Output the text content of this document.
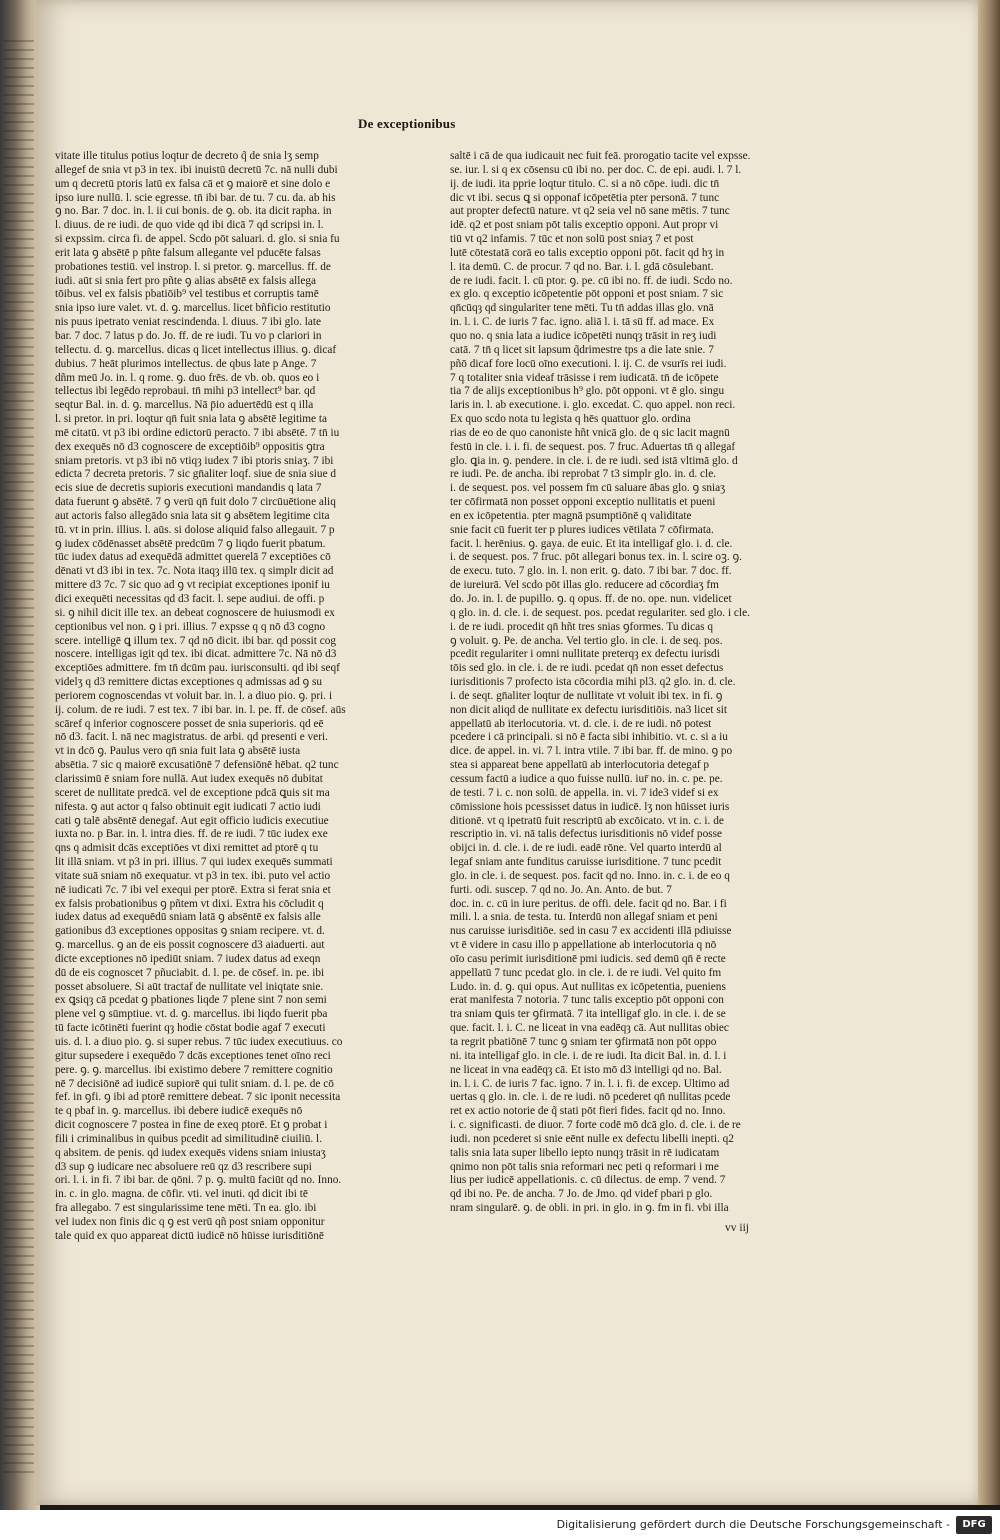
De exceptionibus
vitate ille titulus potius loqtur de decreto q̃ de snia lʒ semp
allegef de snia vt p3 in tex. ibi inuistū decretū 7c. nā nulli dubi
um q decretū ptoris latū ex falsa cā et ꝯ maiorē et sine dolo e
ipso iure nullū. l. scie egresse. tn̄ ibi bar. de tu. 7 cu. da. ab his
ꝯ no. Bar. 7 doc. in. l. ii cui bonis. de ꝯ. ob. ita dicit rapha. in
l. diuus. de re iudi. de quo vide qd ibi dicā 7 qd scripsi in. l.
si expssim. circa fi. de appel. Scd̄o pōt saluari. d. glo. si snia fu
erit lata ꝯ absētē p pñte falsum allegante vel pducēte falsas
probationes testiū. vel instrop. l. si pretor. ꝯ. marcellus. ff. de
iudi. aūt si snia fert pro pñte ꝯ alias absētē ex falsis allega
tōibus. vel ex falsis pbatiōib⁹ vel testibus et corruptis tamē
snia ipso iure valet. vt. d. ꝯ. marcellus. licet bñficio restitutio
nis puus ipetrato veniat rescindenda. l. diuus. 7 ibi glo. late
bar. 7 doc. 7 latus p do. Jo. ff. de re iudi. Tu vo p clariori in
tellectu. d. ꝯ. marcellus. dicas q licet intellectus illius. ꝯ. dicaf
dubius. 7 heāt plurimos intellectus. de qbus late p Ange. 7
dñm meū Jo. in. l. q rome. ꝯ. duo frēs. de vb. ob. quos eo i
tellectus ibi legēdo reprobaui. tn̄ mihi p3 intellect⁹ bar. qd
seqtur Bal. in. d. ꝯ. marcellus. Nā p̄io aduertēdū est q illa
l. si pretor. in pri. loqtur qn̄ fuit snia lata ꝯ absētē legitime ta
mē citatū. vt p3 ibi ordine edictorū peracto. 7 ibi absētē. 7 tn̄ iu
dex exequēs nō d3 cognoscere de exceptiōib⁹ oppositis ꝯtra
sniam pretoris. vt p3 ibi nō vtiqȝ iudex 7 ibi ptoris sniaʒ. 7 ibi
edicta 7 decreta pretoris. 7 sic gn̄aliter loqf. siue de snia siue d
ecis siue de decretis supioris executioni mandandis q lata 7
data fuerunt ꝯ absētē. 7 ꝯ verū qn̄ fuit dolo 7 circūuētione aliq
aut actoris falso allegādo snia lata sit ꝯ absētem legitime cita
tū. vt in prin. illius. l. aūs. si dolose aliquid falso allegauit. 7 p
ꝯ iudex cōdēnasset absētē predcūm 7 ꝯ liqdo fuerit pbatum.
tūc iudex datus ad exequēdā admittet querelā 7 exceptiōes cō
dēnati vt d3 ibi in tex. 7c. Nota itaqȝ illū tex. q simplr dicit ad
mittere d3 7c. 7 sic quo ad ꝯ vt recipiat exceptiones iponif iu
dici exequēti necessitas qd d3 facit. l. sepe audiui. de offi. p
si. ꝯ nihil dicit ille tex. an debeat cognoscere de huiusmodi ex
ceptionibus vel non. ꝯ i pri. illius. 7 expsse q q nō d3 cogno
scere. intelligē ꝗ illum tex. 7 qd nō dicit. ibi bar. qd possit cog
noscere. intelligas igit qd tex. ibi dicat. admittere 7c. Nā nō d3
exceptiōes admittere. fm tn̄ dcūm pau. iurisconsulti. qd ibi seqf
videlʒ q d3 remittere dictas exceptiones q admissas ad ꝯ su
periorem cognoscendas vt voluit bar. in. l. a diuo pio. ꝯ. pri. i
ij. colum. de re iudi. 7 est tex. 7 ibi bar. in. l. pe. ff. de cōsef. aūs
scāref q inferior cognoscere posset de snia superioris. qd eē
nō d3. facit. l. nā nec magistratus. de arbi. qd presenti e veri.
vt in dcō ꝯ. Paulus vero qn̄ snia fuit lata ꝯ absētē iusta
absētia. 7 sic q maiorē excusatiōnē 7 defensiōnē hēbat. q2 tunc
clarissimū ē sniam fore nullā. Aut iudex exequēs nō dubitat
sceret de nullitate predcā. vel de exceptione pdcā ꝗuis sit ma
nifesta. ꝯ aut actor q falso obtinuit egit iudicati 7 actio iudi
cati ꝯ talē absēntē denegaf. Aut egit officio iudicis executiue
iuxta no. p Bar. in. l. intra dies. ff. de re iudi. 7 tūc iudex exe
qns q admisit dcās exceptiōes vt dixi remittet ad ptorē q tu
lit illā sniam. vt p3 in pri. illius. 7 qui iudex exequēs summati
vitate suā sniam nō exequatur. vt p3 in tex. ibi. puto vel actio
nē iudicati 7c. 7 ibi vel exequi per ptorē. Extra si ferat snia et
ex falsis probationibus ꝯ pñtem vt dixi. Extra his cōcludit q
iudex datus ad exequēdū sniam latā ꝯ absēntē ex falsis alle
gationibus d3 exceptiones oppositas ꝯ sniam recipere. vt. d.
ꝯ. marcellus. ꝯ an de eis possit cognoscere d3 aiaduerti. aut
dicte exceptiones nō ipediūt sniam. 7 iudex datus ad exeqn
dū de eis cognoscet 7 pñuciabit. d. l. pe. de cōsef. in. pe. ibi
posset absoluere. Si aūt tractaf de nullitate vel iniqtate snie.
ex ꝗsiqȝ cā pcedat ꝯ pbationes liqde 7 plene sint 7 non semi
plene vel ꝯ sūmptiue. vt. d. ꝯ. marcellus. ibi liqdo fuerit pba
tū facte icōtinēti fuerint qȝ hodie cōstat bodie agaf 7 executi
uis. d. l. a diuo pio. ꝯ. si super rebus. 7 tūc iudex executiuus. co
gitur supsedere i exequēdo 7 dcās exceptiones tenet oīno reci
pere. ꝯ. ꝯ. marcellus. ibi existimo debere 7 remittere cognitio
nē 7 decisiōnē ad iudicē supiorē qui tulit sniam. d. l. pe. de cō
fef. in ꝯfi. ꝯ ibi ad ptorē remittere debeat. 7 sic iponit necessita
te q pbaf in. ꝯ. marcellus. ibi debere iudicē exequēs nō
dicit cognoscere 7 postea in fine de exeq ptorē. Et ꝯ probat i
fili i criminalibus in quibus pcedit ad similitudinē ciuiliū. l.
q absitem. de penis. qd iudex exequēs videns sniam iniustaʒ
d3 sup ꝯ iudicare nec absoluere reū qz d3 rescribere supi
ori. l. i. in fi. 7 ibi bar. de qōni. 7 p. ꝯ. multū faciūt qd no. Inno.
in. c. in glo. magna. de cōfir. vti. vel inuti. qd dicit ibi tē
fra allegabo. 7 est singularissime tene mēti. Tn ea. glo. ibi
vel iudex non finis dic q ꝯ est verū qñ post sniam opponitur
tale quid ex quo appareat dictū iudicē nō hūisse iurisditiōnē
saltē i cā de qua iudicauit nec fuit feā. prorogatio tacite vel expsse.
se. iur. l. si q ex cōsensu cū ibi no. per doc. C. de epi. audi. l. 7 l.
ij. de iudi. ita pprie loqtur titulo. C. si a nō cōpe. iudi. dic tn̄
dic vt ibi. secus ꝗ si opponaf icōpetētia pter personā. 7 tunc
aut propter defectū nature. vt q2 seia vel nō sane mētis. 7 tunc
idē. q2 et post sniam pōt talis exceptio opponi. Aut propr vi
tiū vt q2 infamis. 7 tūc et non solū post sniaʒ 7 et post
lutē cōtestatā corā eo talis exceptio opponi pōt. facit qd hʒ in
l. ita demū. C. de procur. 7 qd no. Bar. i. l. gdā cōsulebant.
de re iudi. facit. l. cū ptor. ꝯ. pe. cū ibi no. ff. de iudi. Scd̄o no.
ex glo. q exceptio icōpetentie pōt opponi et post sniam. 7 sic
qn̄cūqȝ qd singulariter tene mēti. Tu tn̄ addas illas glo. vnā
in. l. i. C. de iuris 7 fac. igno. aliā l. i. tā sū ff. ad mace. Ex
quo no. q snia lata a iudice icōpetēti nunqȝ trāsit in reʒ iudi
catā. 7 tn̄ q licet sit lapsum q̃drimestre tps a die late snie. 7
pñō dicaf fore locū oīno executioni. l. ij. C. de vsurīs rei iudi.
7 q totaliter snia videaf trāsisse i rem iudicatā. tn̄ de icōpete
tia 7 de alijs exceptionibus h⁹ glo. pōt opponi. vt ē glo. singu
laris in. l. ab executione. i. glo. excedat. C. quo appel. non reci.
Ex quo scd̄o nota tu legista q hēs quattuor glo. ordina
rias de eo de quo canoniste hñt vnicā glo. de q sic lacit magnū
festū in cle. i. i. fi. de sequest. pos. 7 fruc. Aduertas tn̄ q allegaf
glo. ꝗia in. ꝯ. pendere. in cle. i. de re iudi. sed istā vltimā glo. d
re iudi. Pe. de ancha. ibi reprobat 7 t3 simplr glo. in. d. cle.
i. de sequest. pos. vel possem fm cū saluare ābas glo. ꝯ sniaʒ
ter cōfirmatā non posset opponi exceptio nullitatis et pueni
en ex icōpetentia. pter magnā psumptiōnē q validitate
snie facit cū fuerit ter p plures iudices vētilata 7 cōfirmata.
facit. l. herēnius. ꝯ. gaya. de euic. Et ita intelligaf glo. i. d. cle.
i. de sequest. pos. 7 fruc. pōt allegari bonus tex. in. l. scire oꝫ. ꝯ.
de execu. tuto. 7 glo. in. l. non erit. ꝯ. dato. 7 ibi bar. 7 doc. ff.
de iureiurā. Vel scd̄o pōt illas glo. reducere ad cōcordiaʒ fm
do. Jo. in. l. de pupillo. ꝯ. q opus. ff. de no. ope. nun. videlicet
q glo. in. d. cle. i. de sequest. pos. pcedat regulariter. sed glo. i cle.
i. de re iudi. procedit qn̄ hñt tres snias ꝯformes. Tu dicas q
ꝯ voluit. ꝯ. Pe. de ancha. Vel tertio glo. in cle. i. de seq. pos.
pcedit regulariter i omni nullitate preterqȝ ex defectu iurisdi
tōis sed glo. in cle. i. de re iudi. pcedat qn̄ non esset defectus
iurisditionis 7 profecto ista cōcordia mihi pl3. q2 glo. in. d. cle.
i. de seqt. gn̄aliter loqtur de nullitate vt voluit ibi tex. in fi. ꝯ
non dicit aliqd de nullitate ex defectu iurisditiōis. na3 licet sit
appellatū ab iterlocutoria. vt. d. cle. i. de re iudi. nō potest
pcedere i cā principali. si nō ē facta sibi inhibitio. vt. c. si a iu
dice. de appel. in. vi. 7 l. intra vtile. 7 ibi bar. ff. de mino. ꝯ po
stea si appareat bene appellatū ab interlocutoria detegaf p
cessum factū a iudice a quo fuisse nullū. iur̄ no. in. c. pe. pe.
de testi. 7 i. c. non solū. de appella. in. vi. 7 ide3 videf si ex
cōmissione hois pcessisset datus in iudicē. lʒ non hūisset iuris
ditionē. vt q ipetratū fuit rescriptū ab excōicato. vt in. c. i. de
rescriptio in. vi. nā talis defectus iurisditionis nō videf posse
obijci in. d. cle. i. de re iudi. eadē rōne. Vel quarto interdū al
legaf sniam ante funditus caruisse iurisditione. 7 tunc pcedit
glo. in cle. i. de sequest. pos. facit qd no. Inno. in. c. i. de eo q
furti. odi. suscep. 7 qd no. Jo. An. Anto. de but. 7
doc. in. c. cū in iure peritus. de offi. dele. facit qd no. Bar. i fi
mili. l. a snia. de testa. tu. Interdū non allegaf sniam et peni
nus caruisse iurisditiōe. sed in casu 7 ex accidenti illā pdiuisse
vt ē videre in casu illo p appellatione ab interlocutoria q nō
oīo casu perimit iurisditionē pmi iudicis. sed demū qn̄ ē recte
appellatū 7 tunc pcedat glo. in cle. i. de re iudi. Vel quito fm
Ludo. in. d. ꝯ. qui opus. Aut nullitas ex icōpetentia, pueniens
erat manifesta 7 notoria. 7 tunc talis exceptio pōt opponi con
tra sniam ꝗuis ter ꝯfirmatā. 7 ita intelligaf glo. in cle. i. de se
que. facit. l. i. C. ne liceat in vna eadēqȝ cā. Aut nullitas obiec
ta regrit pbatiōnē 7 tunc ꝯ sniam ter ꝯfirmatā non pōt oppo
ni. ita intelligaf glo. in cle. i. de re iudi. Ita dicit Bal. in. d. l. i
ne liceat in vna eadēqȝ cā. Et isto mō d3 intelligi qd no. Bal.
in. l. i. C. de iuris 7 fac. igno. 7 in. l. i. fi. de excep. Ultimo ad
uertas q glo. in. cle. i. de re iudi. nō pcederet qn̄ nullitas pcede
ret ex actio notorie de q̃ stati pōt fieri fides. facit qd no. Inno.
i. c. significasti. de diuor. 7 forte codē mō dcā glo. d. cle. i. de re
iudi. non pcederet si snie eēnt nulle ex defectu libelli inepti. q2
talis snia lata super libello iepto nunqȝ trāsit in rē iudicatam
qnimo non pōt talis snia reformari nec peti q reformari i me
lius per iudicē appellationis. c. cū dilectus. de emp. 7 vend. 7
qd ibi no. Pe. de ancha. 7 Jo. de Jmo. qd videf pbari p glo.
nram singularē. ꝯ. de obli. in pri. in glo. in ꝯ. fm in fi. vbi illa
vv iij
Digitalisierung gefördert durch die Deutsche Forschungsgemeinschaft -	DFG
